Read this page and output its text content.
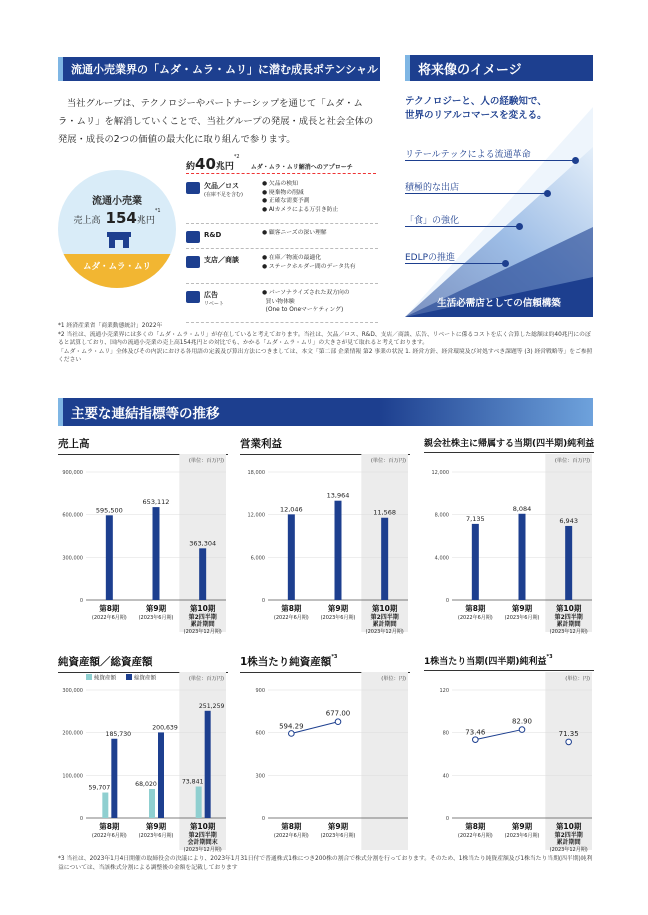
流通小売業界の「ムダ・ムラ・ムリ」に潜む成長ポテンシャル
当社グループは、テクノロジーやパートナーシップを通じて「ムダ・ムラ・ムリ」を解消していくことで、当社グループの発展・成長と社会全体の発展・成長の2つの価値の最大化に取り組んで参ります。
流通小売業
売上高 154兆円$^{*1}$
ムダ・ムラ・ムリ
約40兆円$^{*2}$ ムダ・ムラ・ムリ解消へのアプローチ
欠品／ロス
(在庫不足を含む)
● 欠品の検知
● 廃棄物の削減
● 正確な需要予測
● AIカメラによる万引き防止
R&D	● 顧客ニーズの深い理解
支店／商談	● 在庫／物流の最適化
● ステークホルダー間のデータ共有
広告
リベート
● パーソナライズされた双方向の
買い物体験
(One to Oneマーケティング)
*1 経済産業省「商業動態統計」2022年
*2 当社は、流通小売業界には多くの「ムダ・ムラ・ムリ」が存在していると考えております。当社は、欠品／ロス、R&D、支店／商談、広告、リベートに係るコストを広く合算した総額は約40兆円にのぼると試算しており、国内の流通小売業の売上高154兆円との対比でも、かかる「ムダ・ムラ・ムリ」の大きさが見て取れると考えております。
「ムダ・ムラ・ムリ」全体及びその内訳における各用語の定義及び算出方法につきましては、本文「第二部 企業情報 第2 事業の状況 1. 経営方針、経営環境及び対処すべき課題等 (3) 経営戦略等」をご参照ください
将来像のイメージ
テクノロジーと、人の経験知で、
世界のリアルコマースを変える。
リテールテックによる流通革命
積極的な出店
「食」の強化
EDLPの推進
生活必需店としての信頼構築
主要な連結指標等の推移
売上高
(単位：百万円)
0
300,000
600,000
900,000
第8期
(2022年6月期)
第9期
(2023年6月期)
第10期
第2四半期
累計期間
(2023年12月期)
595,500
653,112
363,304
営業利益
(単位：百万円)
0
6,000
12,000
18,000
第8期
(2022年6月期)
第9期
(2023年6月期)
第10期
第2四半期
累計期間
(2023年12月期)
12,046
13,964
11,568
親会社株主に帰属する当期(四半期)純利益
(単位：百万円)
0
4,000
8,000
12,000
第8期
(2022年6月期)
第9期
(2023年6月期)
第10期
第2四半期
累計期間
(2023年12月期)
7,135
8,084
6,943
純資産額／総資産額
(単位：百万円)
0
100,000
200,000
300,000
第8期
(2022年6月期)
第9期
(2023年6月期)
第10期
第2四半期
会計期間末
(2023年12月期)
純資産額	総資産額
59,707
185,730
68,020
200,639
73,841
251,259
1株当たり純資産額$^{*3}$
(単位：円)
0
300
600
900
第8期
(2022年6月期)
第9期
(2023年6月期)
594.29
677.00
1株当たり当期(四半期)純利益$^{*3}$
(単位：円)
0
40
80
120
第8期
(2022年6月期)
第9期
(2023年6月期)
第10期
第2四半期
累計期間
(2023年12月期)
73.46
82.90
71.35
*3 当社は、2023年1月4日開催の取締役会の決議により、2023年1月31日付で普通株式1株につき200株の割合で株式分割を行っております。そのため、1株当たり純資産額及び1株当たり当期(四半期)純利益については、当該株式分割による調整後の金額を記載しております
